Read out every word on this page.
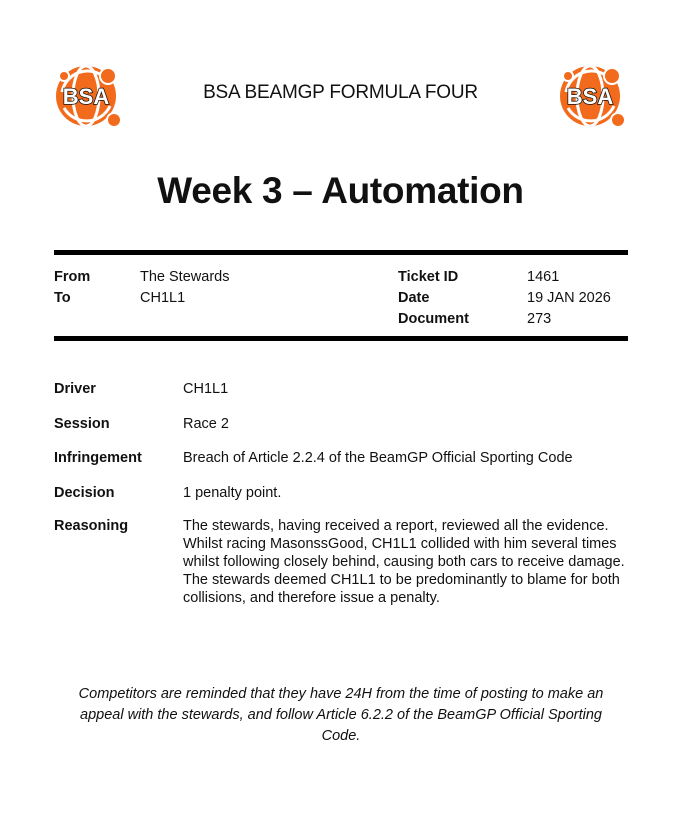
BSA	BSA BEAMGP FORMULA FOUR	BSA
Week 3 – Automation
From	The Stewards
To	CH1L1
Ticket ID	1461
Date	19 JAN 2026
Document	273
Driver	CH1L1
Session	Race 2
Infringement	Breach of Article 2.2.4 of the BeamGP Official Sporting Code
Decision	1 penalty point.
Reasoning	The stewards, having received a report, reviewed all the evidence. Whilst racing MasonssGood, CH1L1 collided with him several times whilst following closely behind, causing both cars to receive damage. The stewards deemed CH1L1 to be predominantly to blame for both collisions, and therefore issue a penalty.

Competitors are reminded that they have 24H from the time of posting to make an appeal with the stewards, and follow Article 6.2.2 of the BeamGP Official Sporting Code.
